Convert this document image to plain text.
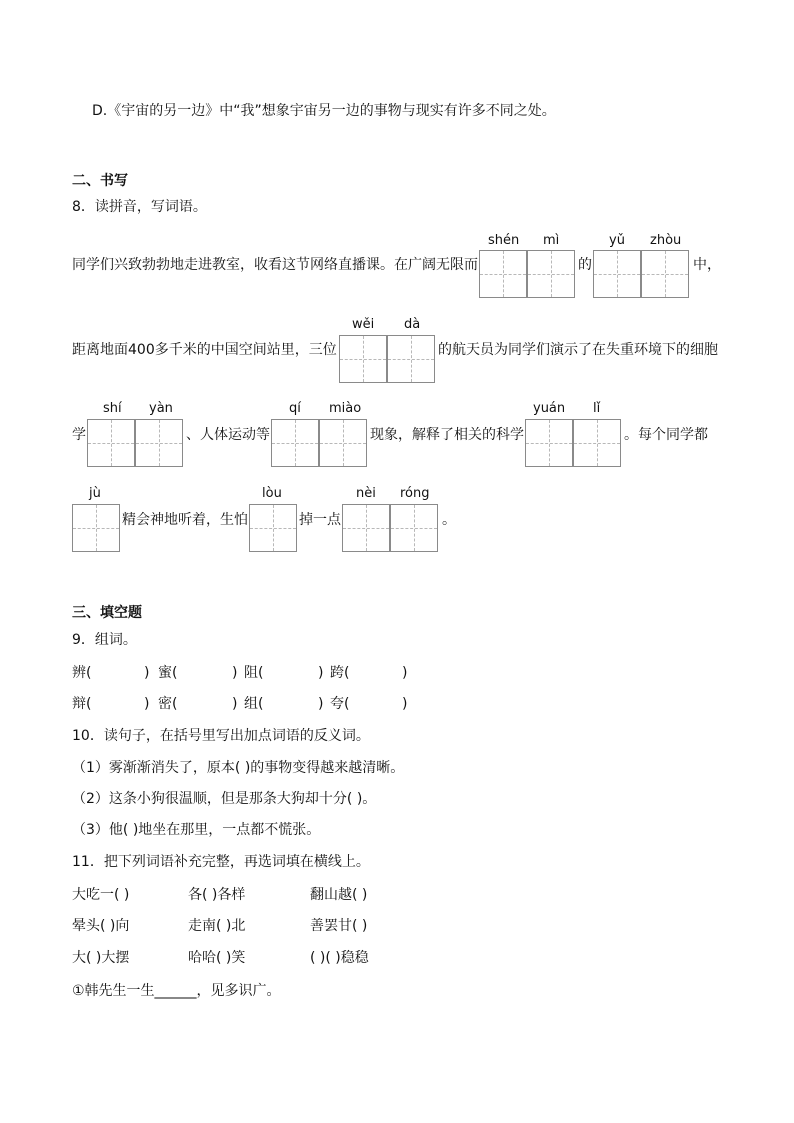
D.《宇宙的另一边》中“我”想象宇宙另一边的事物与现实有许多不同之处。
二、书写
8．读拼音，写词语。
同学们兴致勃勃地走进教室，收看这节网络直播课。在广阔无限而
shén mì
的
yǔ zhòu
中，
距离地面400多千米的中国空间站里，三位
wěi dà
的航天员为同学们演示了在失重环境下的细胞
学
shí yàn
、人体运动等
qí miào
现象，解释了相关的科学
yuán lǐ
。每个同学都
jù
精会神地听着，生怕
lòu
掉一点
nèi róng
。
三、填空题
9．组词。
辨(	) 蜜(	) 阻(	) 跨(	)
辩(	) 密(	) 组(	) 夸(	)
10．读句子，在括号里写出加点词语的反义词。
（1）雾渐渐消失了，原本( )的事物变得越来越清晰。
（2）这条小狗很温顺，但是那条大狗却十分( )。
（3）他( )地坐在那里，一点都不慌张。
11．把下列词语补充完整，再选词填在横线上。
大吃一( )	各( )各样	翻山越( )
晕头( )向	走南( )北	善罢甘( )
大( )大摆	哈哈( )笑	( )( )稳稳
①韩先生一生______，见多识广。
